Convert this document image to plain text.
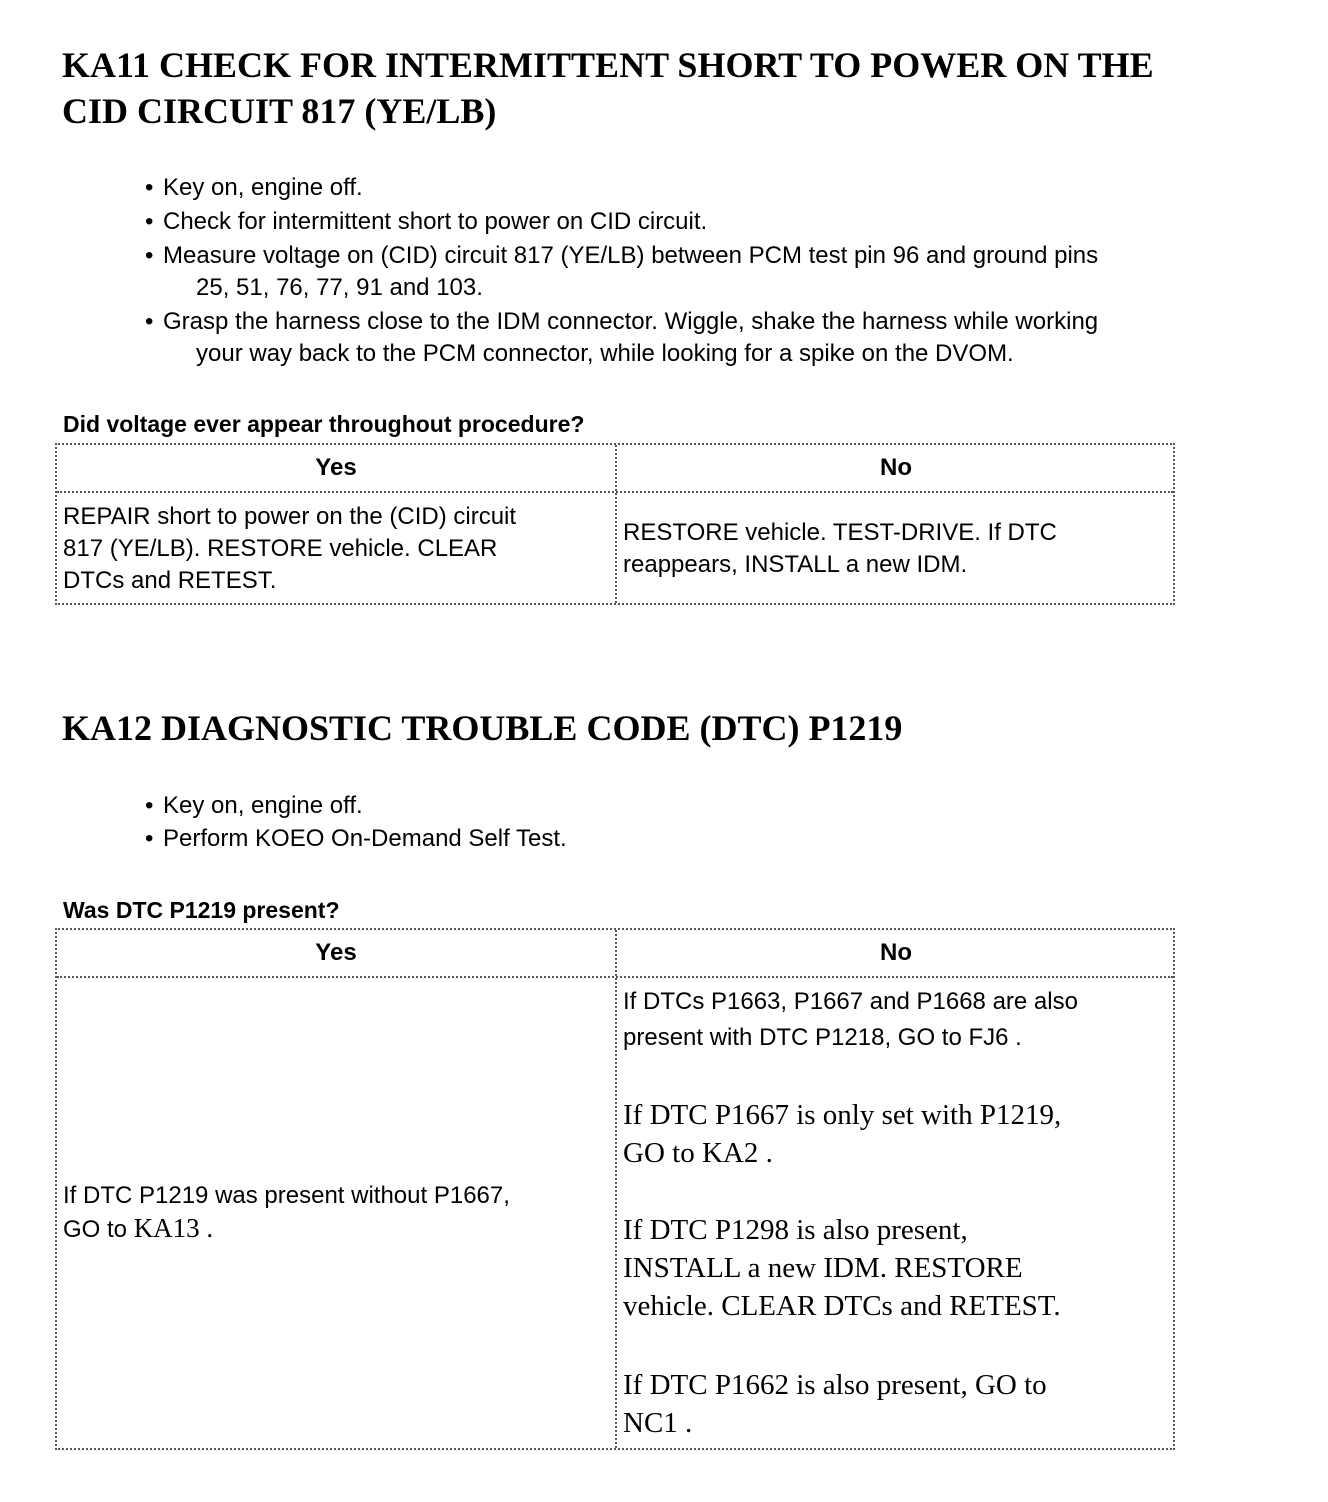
KA11 CHECK FOR INTERMITTENT SHORT TO POWER ON THE
CID CIRCUIT 817 (YE/LB)
• Key on, engine off.
• Check for intermittent short to power on CID circuit.
• Measure voltage on (CID) circuit 817 (YE/LB) between PCM test pin 96 and ground pins
25, 51, 76, 77, 91 and 103.
• Grasp the harness close to the IDM connector. Wiggle, shake the harness while working
your way back to the PCM connector, while looking for a spike on the DVOM.
Did voltage ever appear throughout procedure?
Yes	No
REPAIR short to power on the (CID) circuit
817 (YE/LB). RESTORE vehicle. CLEAR
DTCs and RETEST.
RESTORE vehicle. TEST-DRIVE. If DTC
reappears, INSTALL a new IDM.
KA12 DIAGNOSTIC TROUBLE CODE (DTC) P1219
• Key on, engine off.
• Perform KOEO On-Demand Self Test.
Was DTC P1219 present?
Yes	No
If DTC P1219 was present without P1667,
GO to KA13 .
If DTCs P1663, P1667 and P1668 are also
present with DTC P1218, GO to FJ6 .
If DTC P1667 is only set with P1219,
GO to KA2 .
If DTC P1298 is also present,
INSTALL a new IDM. RESTORE
vehicle. CLEAR DTCs and RETEST.
If DTC P1662 is also present, GO to
NC1 .
